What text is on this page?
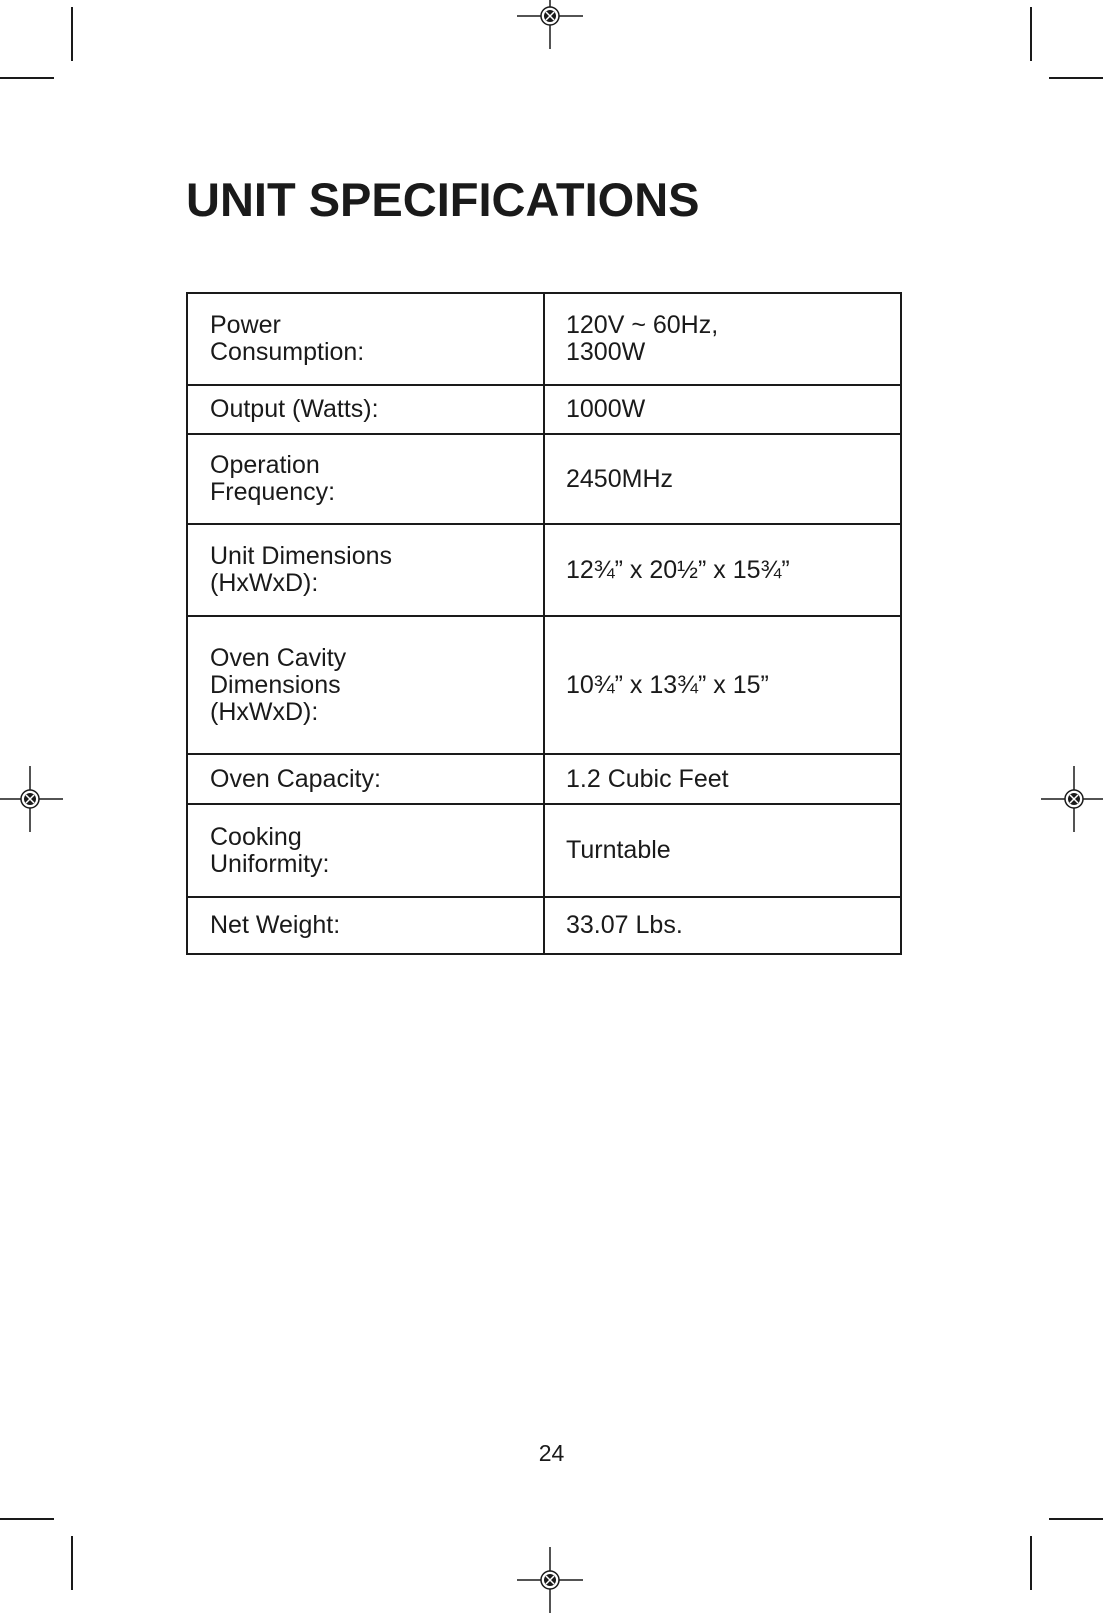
UNIT SPECIFICATIONS
Power
Consumption:	120V ~ 60Hz,
1300W
Output (Watts):	1000W
Operation
Frequency:	2450MHz
Unit Dimensions
(HxWxD):	12¾” x 20½” x 15¾”
Oven Cavity
Dimensions
(HxWxD):	10¾” x 13¾” x 15”
Oven Capacity:	1.2 Cubic Feet
Cooking
Uniformity:	Turntable
Net Weight:	33.07 Lbs.
24
